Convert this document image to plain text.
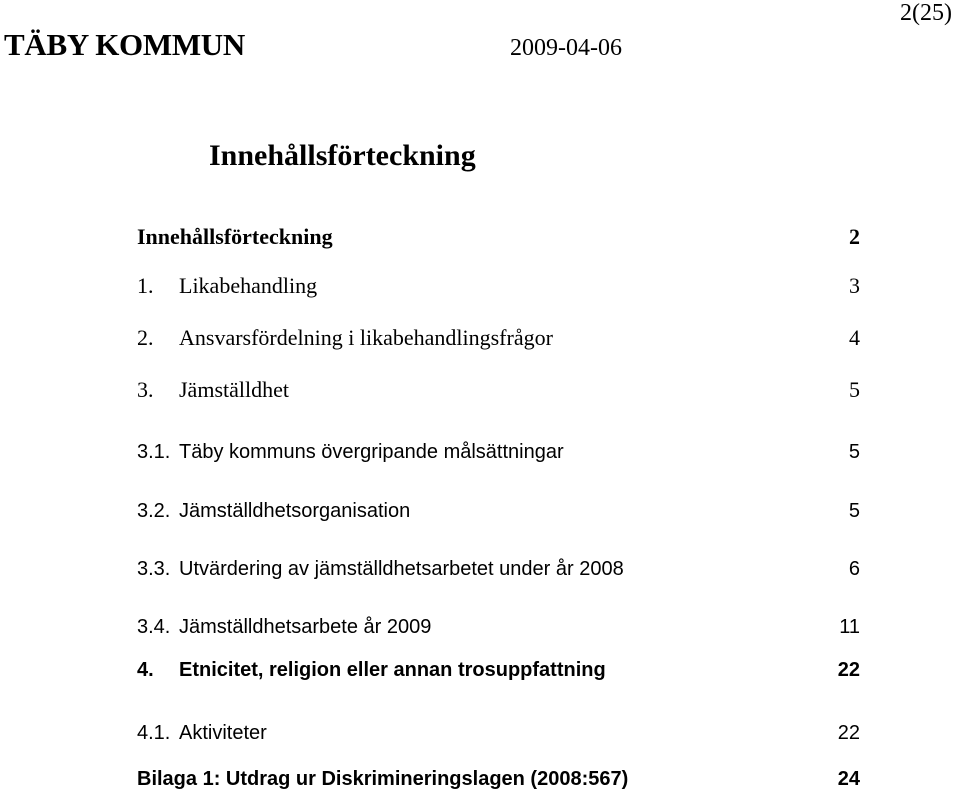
2(25)
TÄBY KOMMUN	2009-04-06
Innehållsförteckning
Innehållsförteckning	2
1. Likabehandling	3
2. Ansvarsfördelning i likabehandlingsfrågor	4
3. Jämställdhet	5
3.1. Täby kommuns övergripande målsättningar	5
3.2. Jämställdhetsorganisation	5
3.3. Utvärdering av jämställdhetsarbetet under år 2008	6
3.4. Jämställdhetsarbete år 2009	11
4. Etnicitet, religion eller annan trosuppfattning	22
4.1. Aktiviteter	22
Bilaga 1: Utdrag ur Diskrimineringslagen (2008:567)	24
